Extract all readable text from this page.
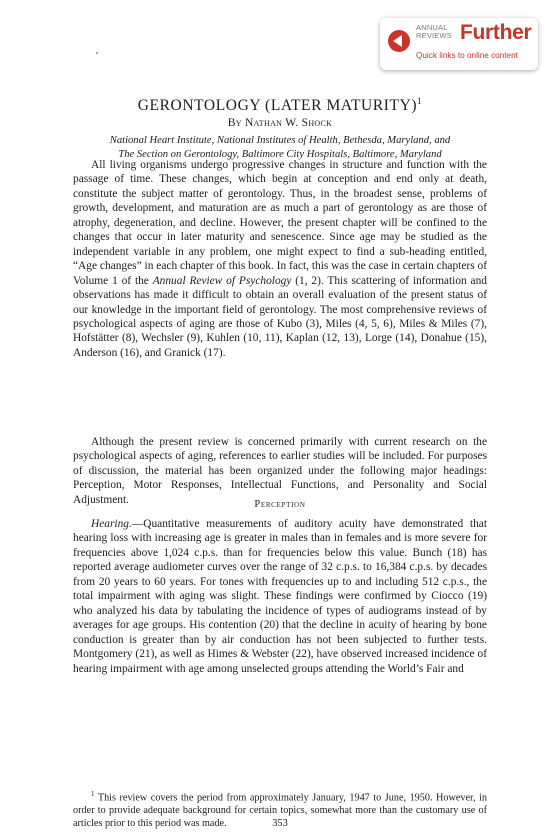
ANNUAL
REVIEWS Further
Quick links to online content
GERONTOLOGY (LATER MATURITY)$^1$
By Nathan W. Shock
National Heart Institute, National Institutes of Health, Bethesda, Maryland, and
The Section on Gerontology, Baltimore City Hospitals, Baltimore, Maryland

All living organisms undergo progressive changes in structure and function with the passage of time. These changes, which begin at conception and end only at death, constitute the subject matter of gerontology. Thus, in the broadest sense, problems of growth, development, and maturation are as much a part of gerontology as are those of atrophy, degeneration, and decline. However, the present chapter will be confined to the changes that occur in later maturity and senescence. Since age may be studied as the independent variable in any problem, one might expect to find a sub-heading entitled, “Age changes” in each chapter of this book. In fact, this was the case in certain chapters of Volume 1 of the Annual Review of Psychology (1, 2). This scattering of information and observations has made it difficult to obtain an overall evaluation of the present status of our knowledge in the important field of gerontology. The most comprehensive reviews of psychological aspects of aging are those of Kubo (3), Miles (4, 5, 6), Miles & Miles (7), Hofstätter (8), Wechsler (9), Kuhlen (10, 11), Kaplan (12, 13), Lorge (14), Donahue (15), Anderson (16), and Granick (17).

Although the present review is concerned primarily with current research on the psychological aspects of aging, references to earlier studies will be included. For purposes of discussion, the material has been organized under the following major headings: Perception, Motor Responses, Intellectual Functions, and Personality and Social Adjustment.	Perception

Hearing.—Quantitative measurements of auditory acuity have demonstrated that hearing loss with increasing age is greater in males than in females and is more severe for frequencies above 1,024 c.p.s. than for frequencies below this value. Bunch (18) has reported average audiometer curves over the range of 32 c.p.s. to 16,384 c.p.s. by decades from 20 years to 60 years. For tones with frequencies up to and including 512 c.p.s., the total impairment with aging was slight. These findings were confirmed by Ciocco (19) who analyzed his data by tabulating the incidence of types of audiograms instead of by averages for age groups. His contention (20) that the decline in acuity of hearing by bone conduction is greater than by air conduction has not been subjected to further tests. Montgomery (21), as well as Himes & Webster (22), have observed increased incidence of hearing impairment with age among unselected groups attending the World’s Fair and

$^1$ This review covers the period from approximately January, 1947 to June, 1950. However, in order to provide adequate background for certain topics, somewhat more than the customary use of articles prior to this period was made.	353
